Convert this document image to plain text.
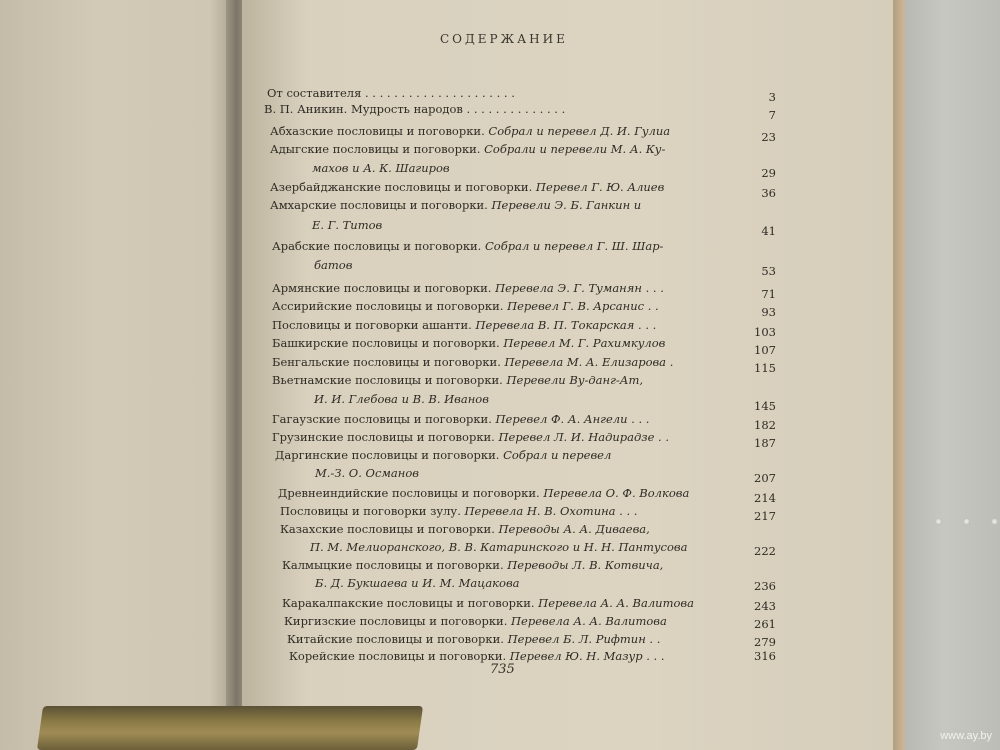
СОДЕРЖАНИЕ
От составителя . . . . . . . . . . . . . . . . . . . . .	3
В. П. Аникин. Мудрость народов . . . . . . . . . . . . . .	7
Абхазские пословицы и поговорки. Собрал и перевел Д. И. Гулиа	23
Адыгские пословицы и поговорки. Собрали и перевели М. А. Ку-
махов и А. К. Шагиров	29
Азербайджанские пословицы и поговорки. Перевел Г. Ю. Алиев	36
Амхарские пословицы и поговорки. Перевели Э. Б. Ганкин и
Е. Г. Титов	41
Арабские пословицы и поговорки. Собрал и перевел Г. Ш. Шар-
батов	53
Армянские пословицы и поговорки. Перевела Э. Г. Туманян . . .	71
Ассирийские пословицы и поговорки. Перевел Г. В. Арсанис . .	93
Пословицы и поговорки ашанти. Перевела В. П. Токарская . . .	103
Башкирские пословицы и поговорки. Перевел М. Г. Рахимкулов	107
Бенгальские пословицы и поговорки. Перевела М. А. Елизарова .	115
Вьетнамские пословицы и поговорки. Перевели Ву-данг-Ат,
И. И. Глебова и В. В. Иванов	145
Гагаузские пословицы и поговорки. Перевел Ф. А. Ангели . . .	182
Грузинские пословицы и поговорки. Перевел Л. И. Надирадзе . .	187
Даргинские пословицы и поговорки. Собрал и перевел
М.-З. О. Османов	207
Древнеиндийские пословицы и поговорки. Перевела О. Ф. Волкова	214
Пословицы и поговорки зулу. Перевела Н. В. Охотина . . .	217
Казахские пословицы и поговорки. Переводы А. А. Диваева,
П. М. Мелиоранского, В. В. Катаринского и Н. Н. Пантусова	222
Калмыцкие пословицы и поговорки. Переводы Л. В. Котвича,
Б. Д. Букшаева и И. М. Мацакова	236
Каракалпакские пословицы и поговорки. Перевела А. А. Валитова	243
Киргизские пословицы и поговорки. Перевела А. А. Валитова	261
Китайские пословицы и поговорки. Перевел Б. Л. Рифтин . .	279
Корейские пословицы и поговорки. Перевел Ю. Н. Мазур . . .	316
735
www.ay.by
